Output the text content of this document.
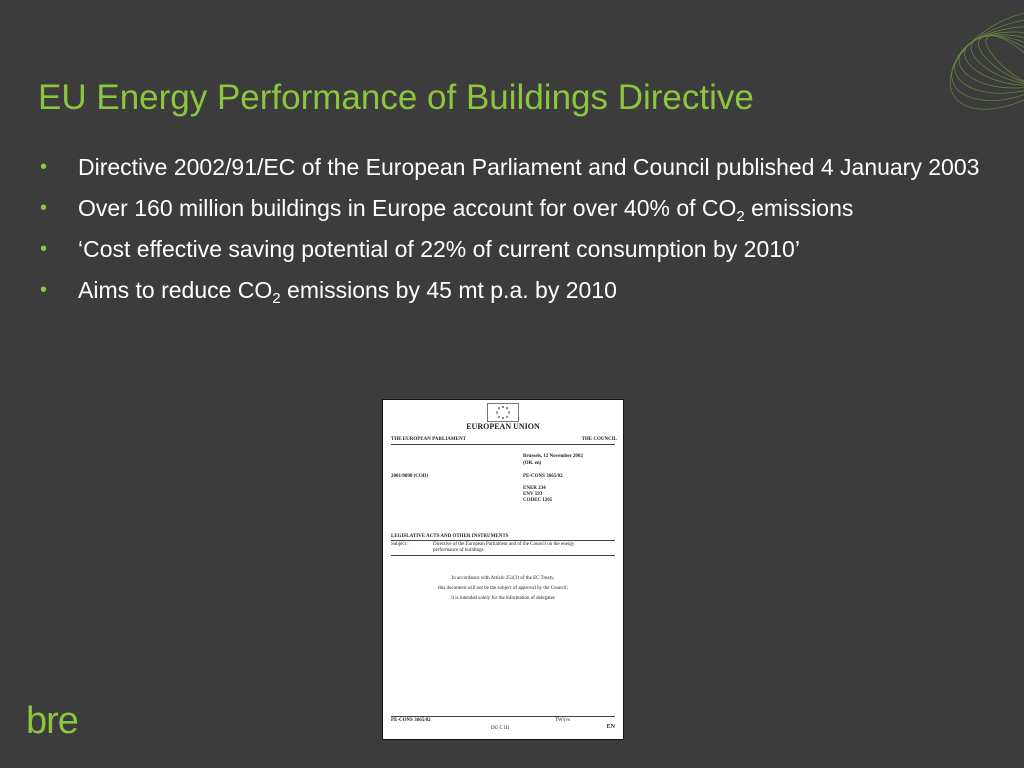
EU Energy Performance of Buildings Directive
• Directive 2002/91/EC of the European Parliament and Council published 4 January 2003
• Over 160 million buildings in Europe account for over 40% of $CO_2$ emissions
• ‘Cost effective saving potential of 22% of current consumption by 2010’
• Aims to reduce $CO_2$ emissions by 45 mt p.a. by 2010
EUROPEAN UNION
THE EUROPEAN PARLIAMENT	THE COUNCIL
Brussels, 12 November 2002
(OR. en)
2001/0098 (COD)	PE-CONS 3665/02
ENER 234
ENV 593
CODEC 1205
LEGISLATIVE ACTS AND OTHER INSTRUMENTS
Subject :	Directive of the European Parliament and of the Council on the energy
performance of buildings
In accordance with Article 251(3) of the EC Treaty,
this document will not be the subject of approval by the Council;
it is intended solely for the information of delegates
PE-CONS 3665/02
DG C III
TW/jvs
EN
bre
